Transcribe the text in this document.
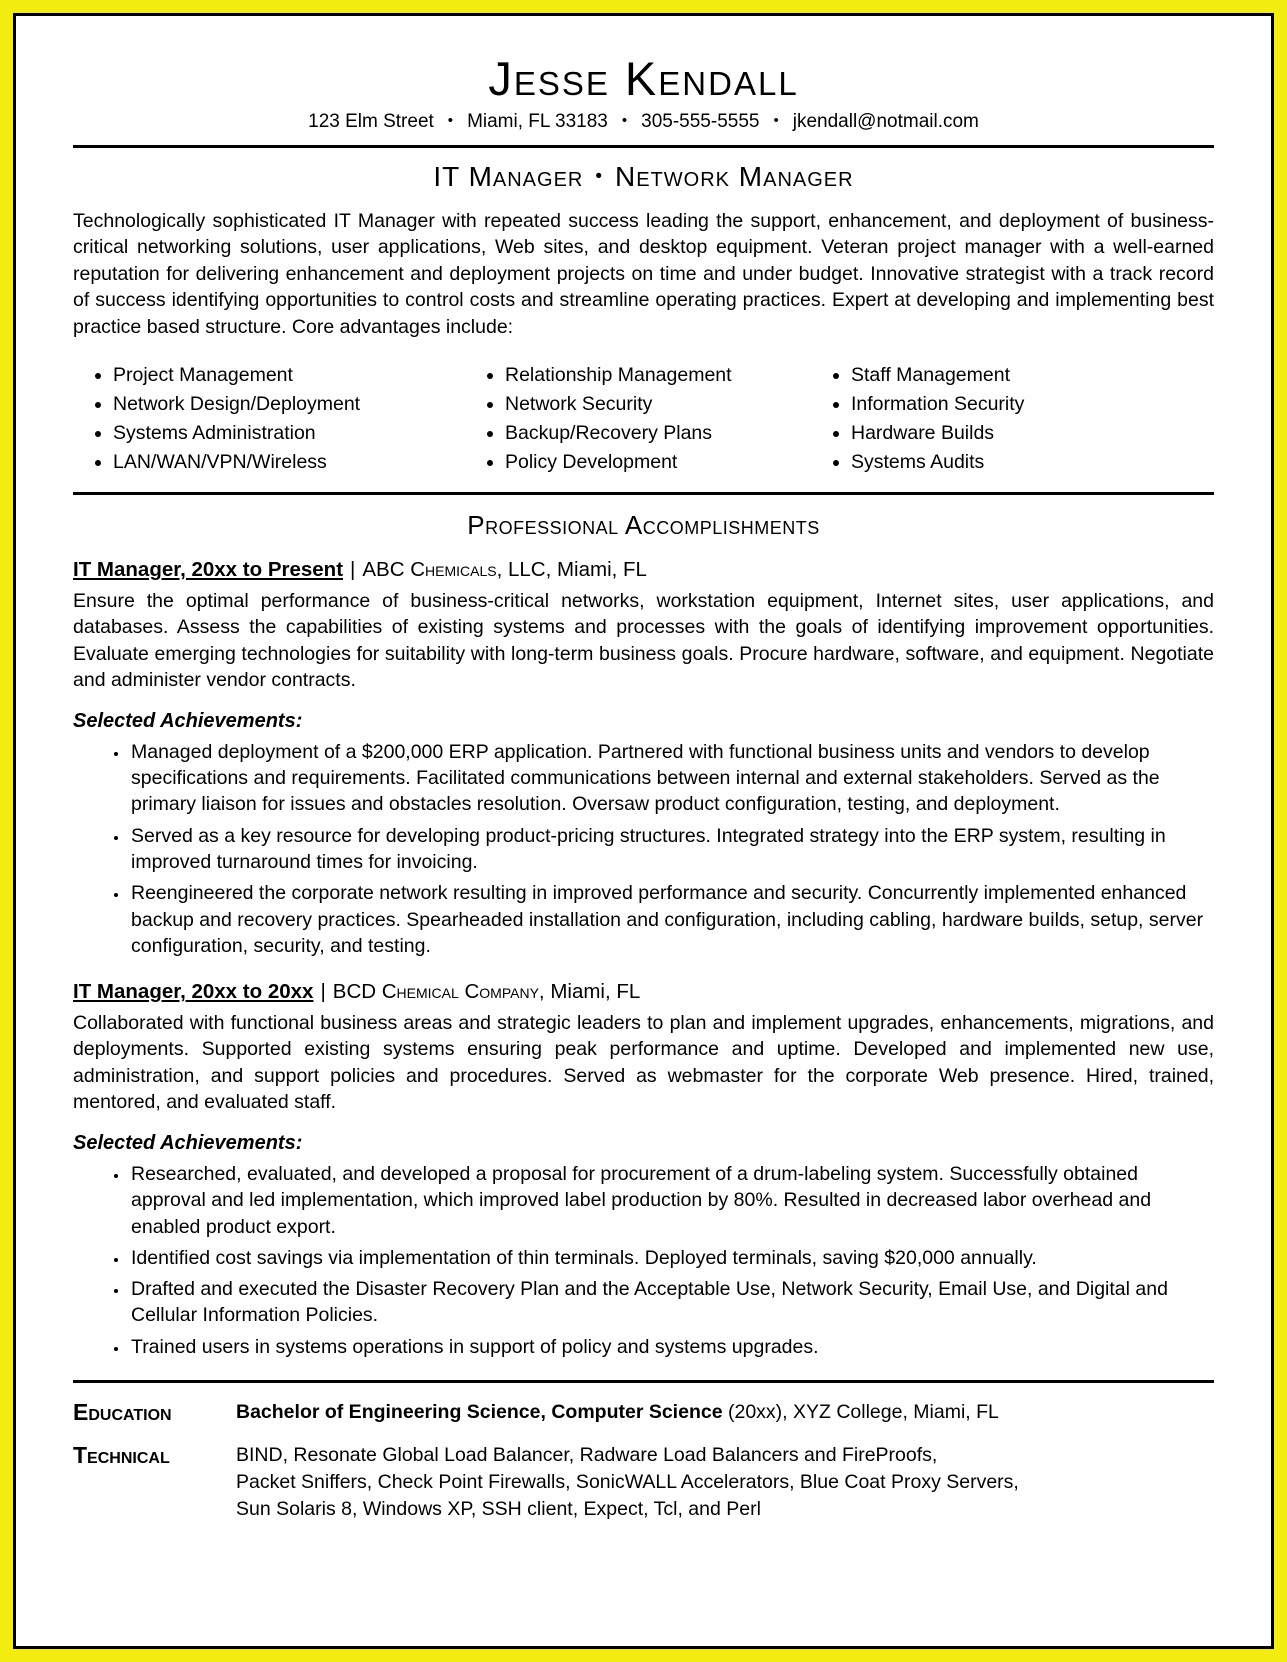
Jesse Kendall
123 Elm Street • Miami, FL 33183 • 305-555-5555 • jkendall@notmail.com
IT Manager • Network Manager

Technologically sophisticated IT Manager with repeated success leading the support, enhancement, and deployment of business-critical networking solutions, user applications, Web sites, and desktop equipment. Veteran project manager with a well-earned reputation for delivering enhancement and deployment projects on time and under budget. Innovative strategist with a track record of success identifying opportunities to control costs and streamline operating practices. Expert at developing and implementing best practice based structure. Core advantages include:

• Project Management
• Network Design/Deployment
• Systems Administration
• LAN/WAN/VPN/Wireless
• Relationship Management
• Network Security
• Backup/Recovery Plans
• Policy Development
• Staff Management
• Information Security
• Hardware Builds
• Systems Audits
Professional Accomplishments
IT Manager, 20xx to Present | ABC Chemicals, LLC, Miami, FL

Ensure the optimal performance of business-critical networks, workstation equipment, Internet sites, user applications, and databases. Assess the capabilities of existing systems and processes with the goals of identifying improvement opportunities. Evaluate emerging technologies for suitability with long-term business goals. Procure hardware, software, and equipment. Negotiate and administer vendor contracts.

Selected Achievements:
• Managed deployment of a $200,000 ERP application. Partnered with functional business units and vendors to develop specifications and requirements. Facilitated communications between internal and external stakeholders. Served as the primary liaison for issues and obstacles resolution. Oversaw product configuration, testing, and deployment.
• Served as a key resource for developing product-pricing structures. Integrated strategy into the ERP system, resulting in improved turnaround times for invoicing.
• Reengineered the corporate network resulting in improved performance and security. Concurrently implemented enhanced backup and recovery practices. Spearheaded installation and configuration, including cabling, hardware builds, setup, server configuration, security, and testing.
IT Manager, 20xx to 20xx | BCD Chemical Company, Miami, FL

Collaborated with functional business areas and strategic leaders to plan and implement upgrades, enhancements, migrations, and deployments. Supported existing systems ensuring peak performance and uptime. Developed and implemented new use, administration, and support policies and procedures. Served as webmaster for the corporate Web presence. Hired, trained, mentored, and evaluated staff.

Selected Achievements:
• Researched, evaluated, and developed a proposal for procurement of a drum-labeling system. Successfully obtained approval and led implementation, which improved label production by 80%. Resulted in decreased labor overhead and enabled product export.
• Identified cost savings via implementation of thin terminals. Deployed terminals, saving $20,000 annually.
• Drafted and executed the Disaster Recovery Plan and the Acceptable Use, Network Security, Email Use, and Digital and Cellular Information Policies.
• Trained users in systems operations in support of policy and systems upgrades.
Education	Bachelor of Engineering Science, Computer Science (20xx), XYZ College, Miami, FL
Technical	BIND, Resonate Global Load Balancer, Radware Load Balancers and FireProofs,
Packet Sniffers, Check Point Firewalls, SonicWALL Accelerators, Blue Coat Proxy Servers,
Sun Solaris 8, Windows XP, SSH client, Expect, Tcl, and Perl
